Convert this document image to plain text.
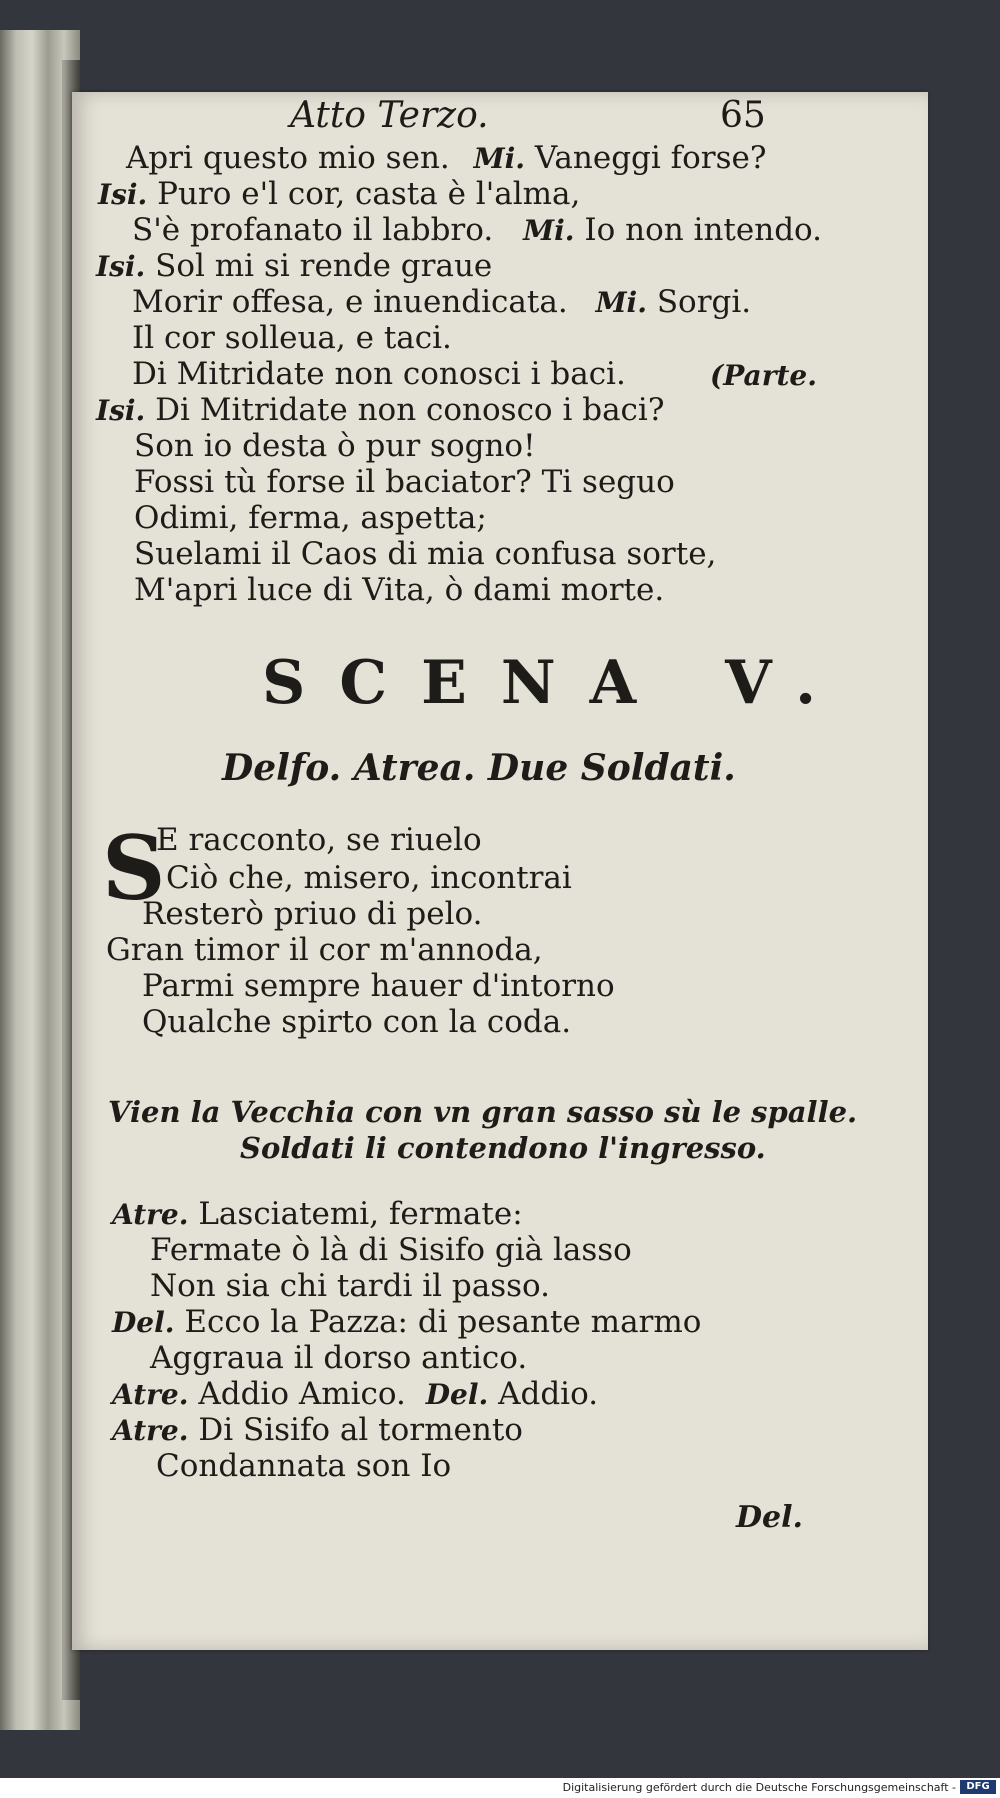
Atto Terzo.	65
Apri questo mio sen. Mi. Vaneggi forse?
Isi. Puro e'l cor, casta è l'alma,
S'è profanato il labbro. Mi. Io non intendo.
Isi. Sol mi si rende graue
Morir offesa, e inuendicata. Mi. Sorgi.
Il cor solleua, e taci.
Di Mitridate non conosci i baci.	(Parte.
Isi. Di Mitridate non conosco i baci?
Son io desta ò pur sogno!
Fossi tù forse il baciator? Ti seguo
Odimi, ferma, aspetta;
Suelami il Caos di mia confusa sorte,
M'apri luce di Vita, ò dami morte.
SCENA V.
Delfo. Atrea. Due Soldati.
S
E racconto, se riuelo
Ciò che, misero, incontrai
Resterò priuo di pelo.
Gran timor il cor m'annoda,
Parmi sempre hauer d'intorno
Qualche spirto con la coda.
Vien la Vecchia con vn gran sasso sù le spalle.
Soldati li contendono l'ingresso.
Atre. Lasciatemi, fermate:
Fermate ò là di Sisifo già lasso
Non sia chi tardi il passo.
Del. Ecco la Pazza: di pesante marmo
Aggraua il dorso antico.
Atre. Addio Amico. Del. Addio.
Atre. Di Sisifo al tormento
Condannata son Io
Del.
Digitalisierung gefördert durch die Deutsche Forschungsgemeinschaft -	DFG
